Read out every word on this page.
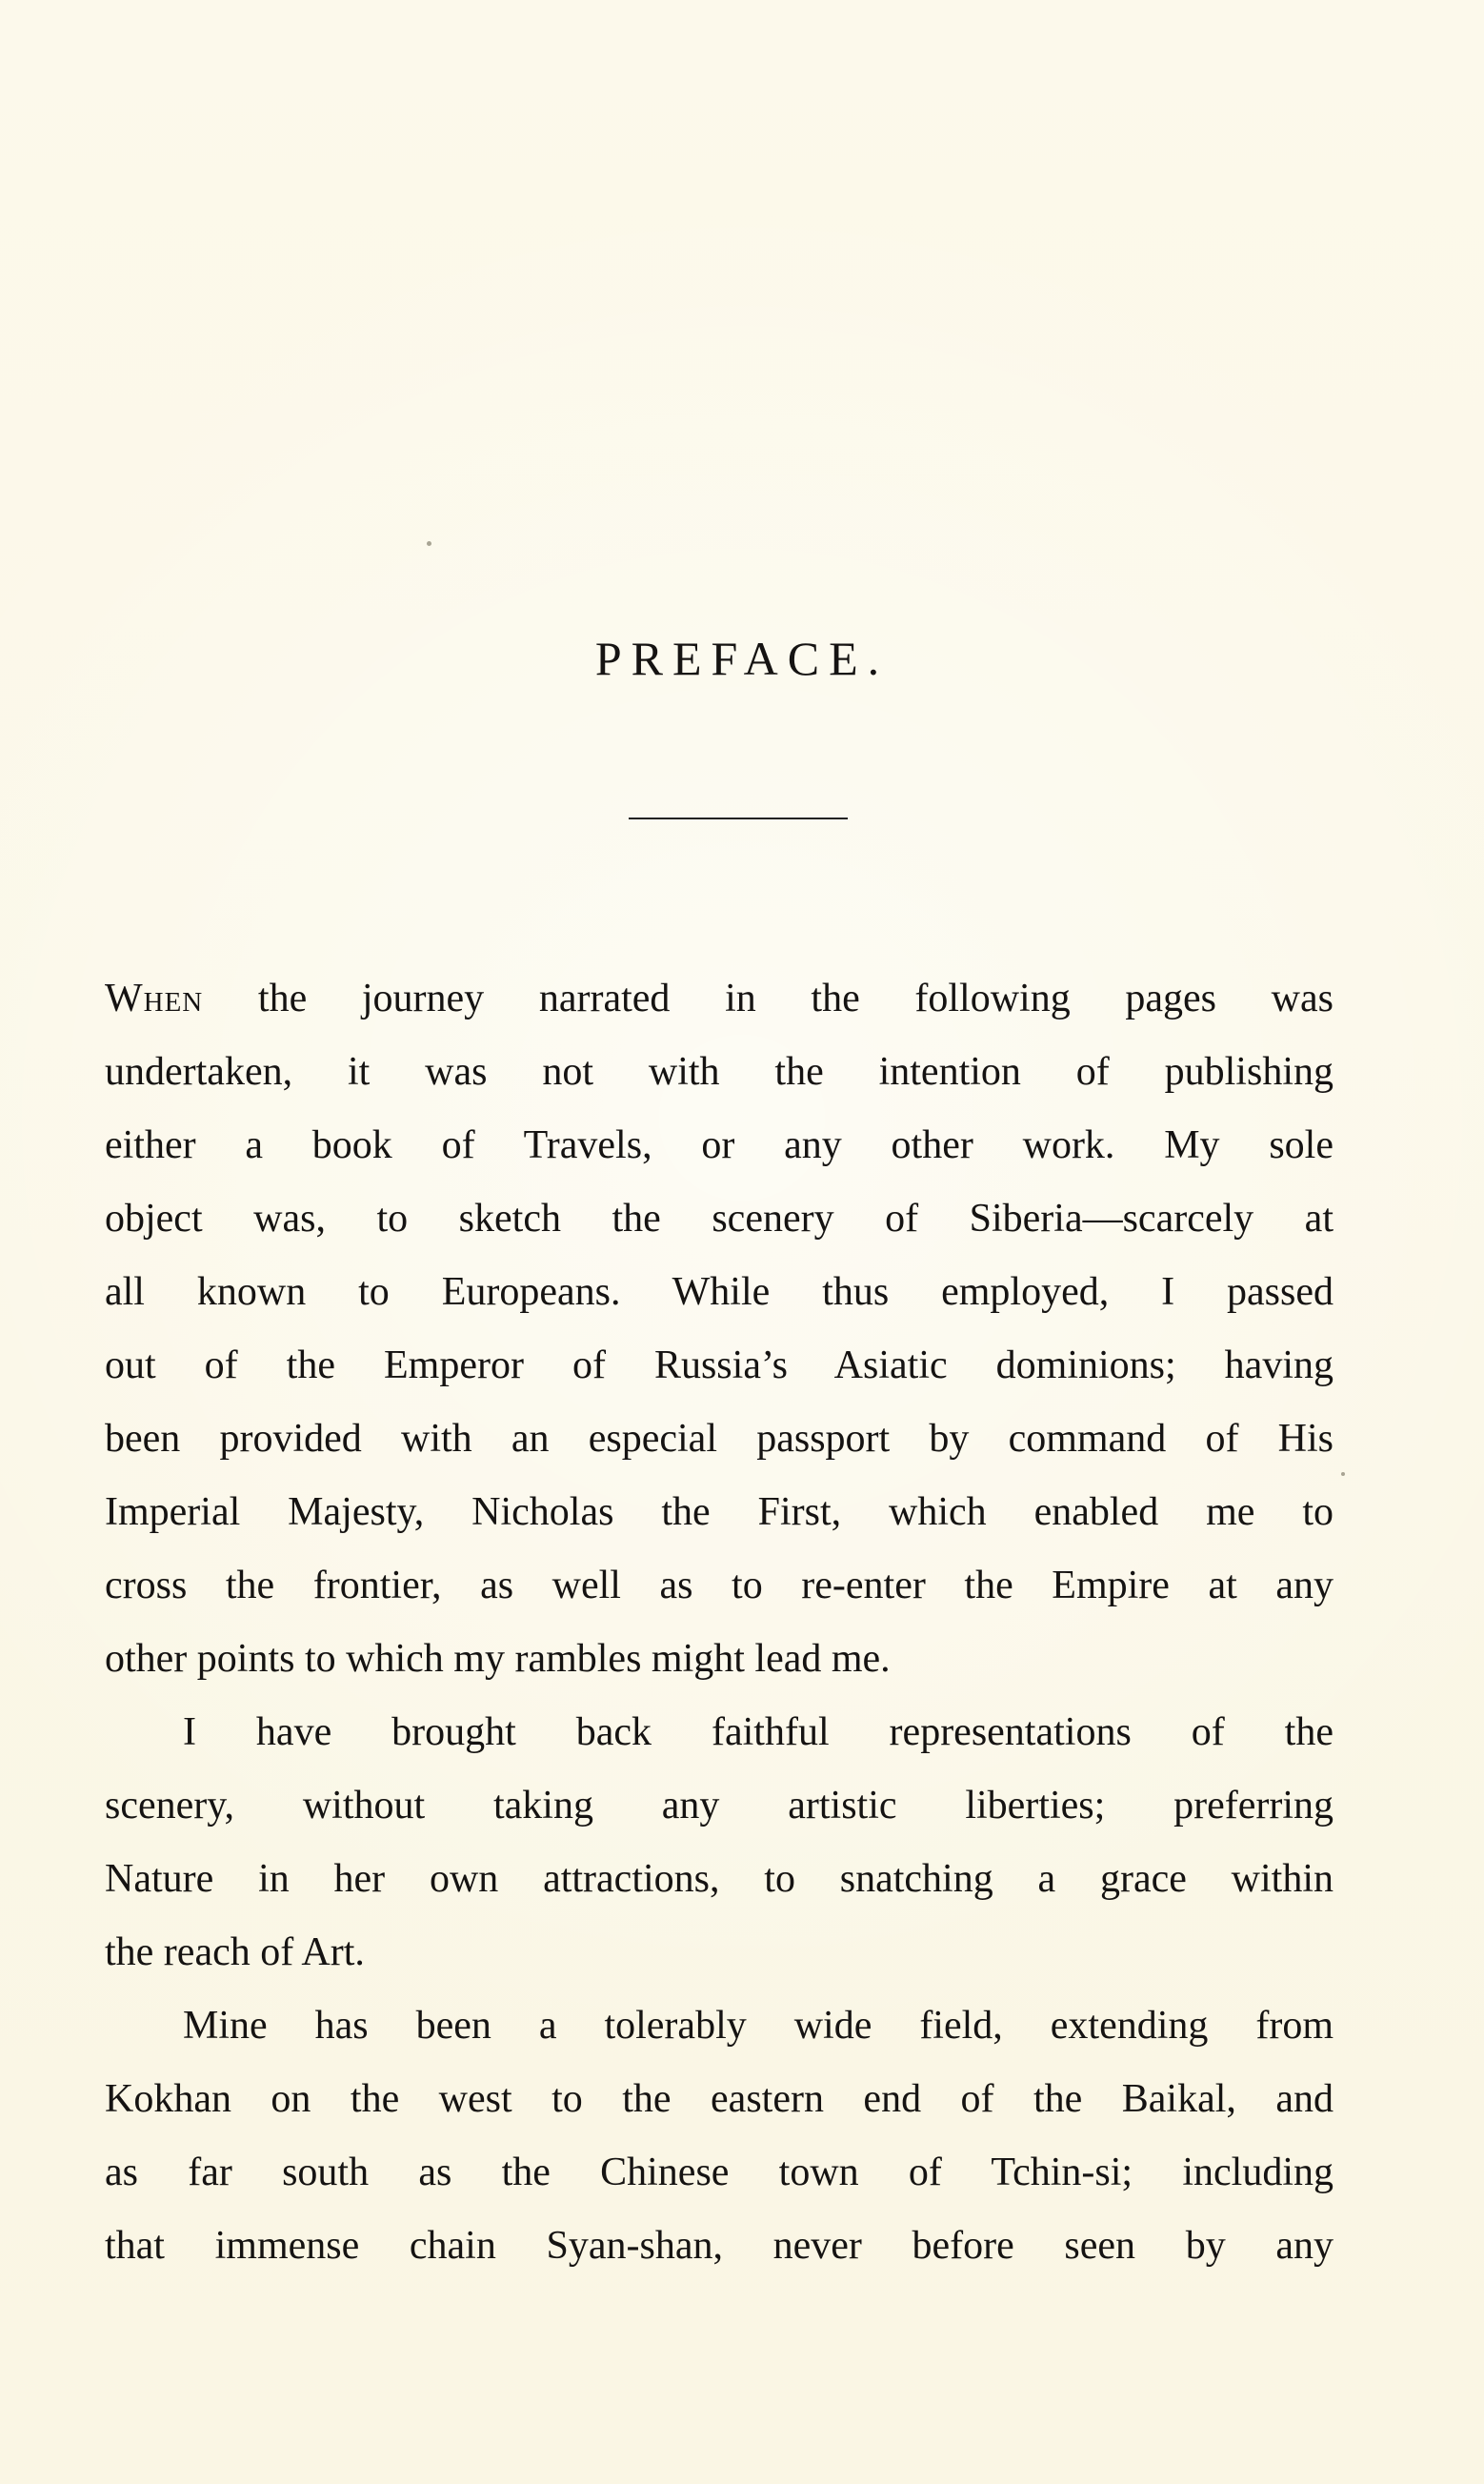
PREFACE.
When the journey narrated in the following pages was
undertaken, it was not with the intention of publishing
either a book of Travels, or any other work. My sole
object was, to sketch the scenery of Siberia—scarcely at
all known to Europeans. While thus employed, I passed
out of the Emperor of Russia’s Asiatic dominions; having
been provided with an especial passport by command of His
Imperial Majesty, Nicholas the First, which enabled me to
cross the frontier, as well as to re-enter the Empire at any
other points to which my rambles might lead me.
I have brought back faithful representations of the
scenery, without taking any artistic liberties; preferring
Nature in her own attractions, to snatching a grace within
the reach of Art.
Mine has been a tolerably wide field, extending from
Kokhan on the west to the eastern end of the Baikal, and
as far south as the Chinese town of Tchin-si; including
that immense chain Syan-shan, never before seen by any
